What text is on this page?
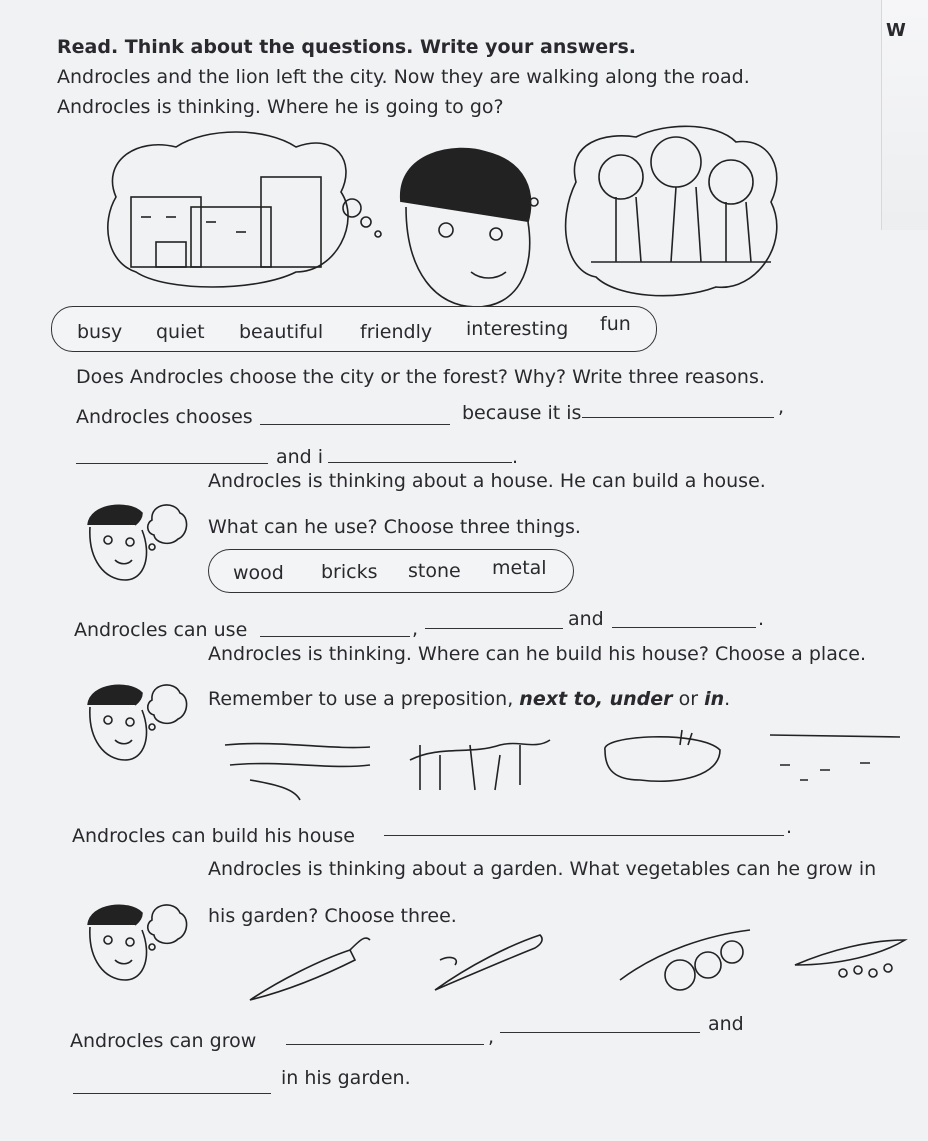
W
Read. Think about the questions. Write your answers.
Androcles and the lion left the city. Now they are walking along the road.
Androcles is thinking. Where he is going to go?
busy quiet beautiful friendly interesting fun
Does Androcles choose the city or the forest? Why? Write three reasons.
Androcles chooses	because it is	,
and i	.
Androcles is thinking about a house. He can build a house.
What can he use? Choose three things.
wood bricks stone metal
Androcles can use	,	and	.
Androcles is thinking. Where can he build his house? Choose a place.
Remember to use a preposition, next to, under or in.
Androcles can build his house	.
Androcles is thinking about a garden. What vegetables can he grow in
his garden? Choose three.
Androcles can grow	,
and
in his garden.
